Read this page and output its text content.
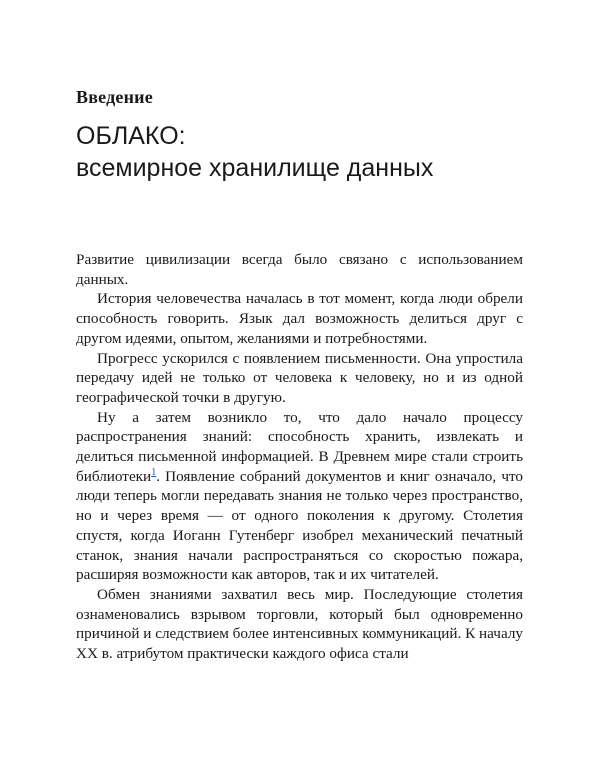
Введение
ОБЛАКО:
всемирное хранилище данных

Развитие цивилизации всегда было связано с использованием данных.

История человечества началась в тот момент, когда люди обрели способность говорить. Язык дал возможность делиться друг с другом идеями, опытом, желаниями и потребностями.

Прогресс ускорился с появлением письменности. Она упростила передачу идей не только от человека к человеку, но и из одной географической точки в другую.

Ну а затем возникло то, что дало начало процессу распространения знаний: способность хранить, извлекать и делиться письменной информацией. В Древнем мире стали строить библиотеки$^1$. Появление собраний документов и книг означало, что люди теперь могли передавать знания не только через пространство, но и через время — от одного поколения к другому. Столетия спустя, когда Иоганн Гутенберг изобрел механический печатный станок, знания начали распространяться со скоростью пожара, расширяя возможности как авторов, так и их читателей.

Обмен знаниями захватил весь мир. Последующие столетия ознаменовались взрывом торговли, который был одновременно причиной и следствием более интенсивных коммуникаций. К началу XX в. атрибутом практически каждого офиса стали
